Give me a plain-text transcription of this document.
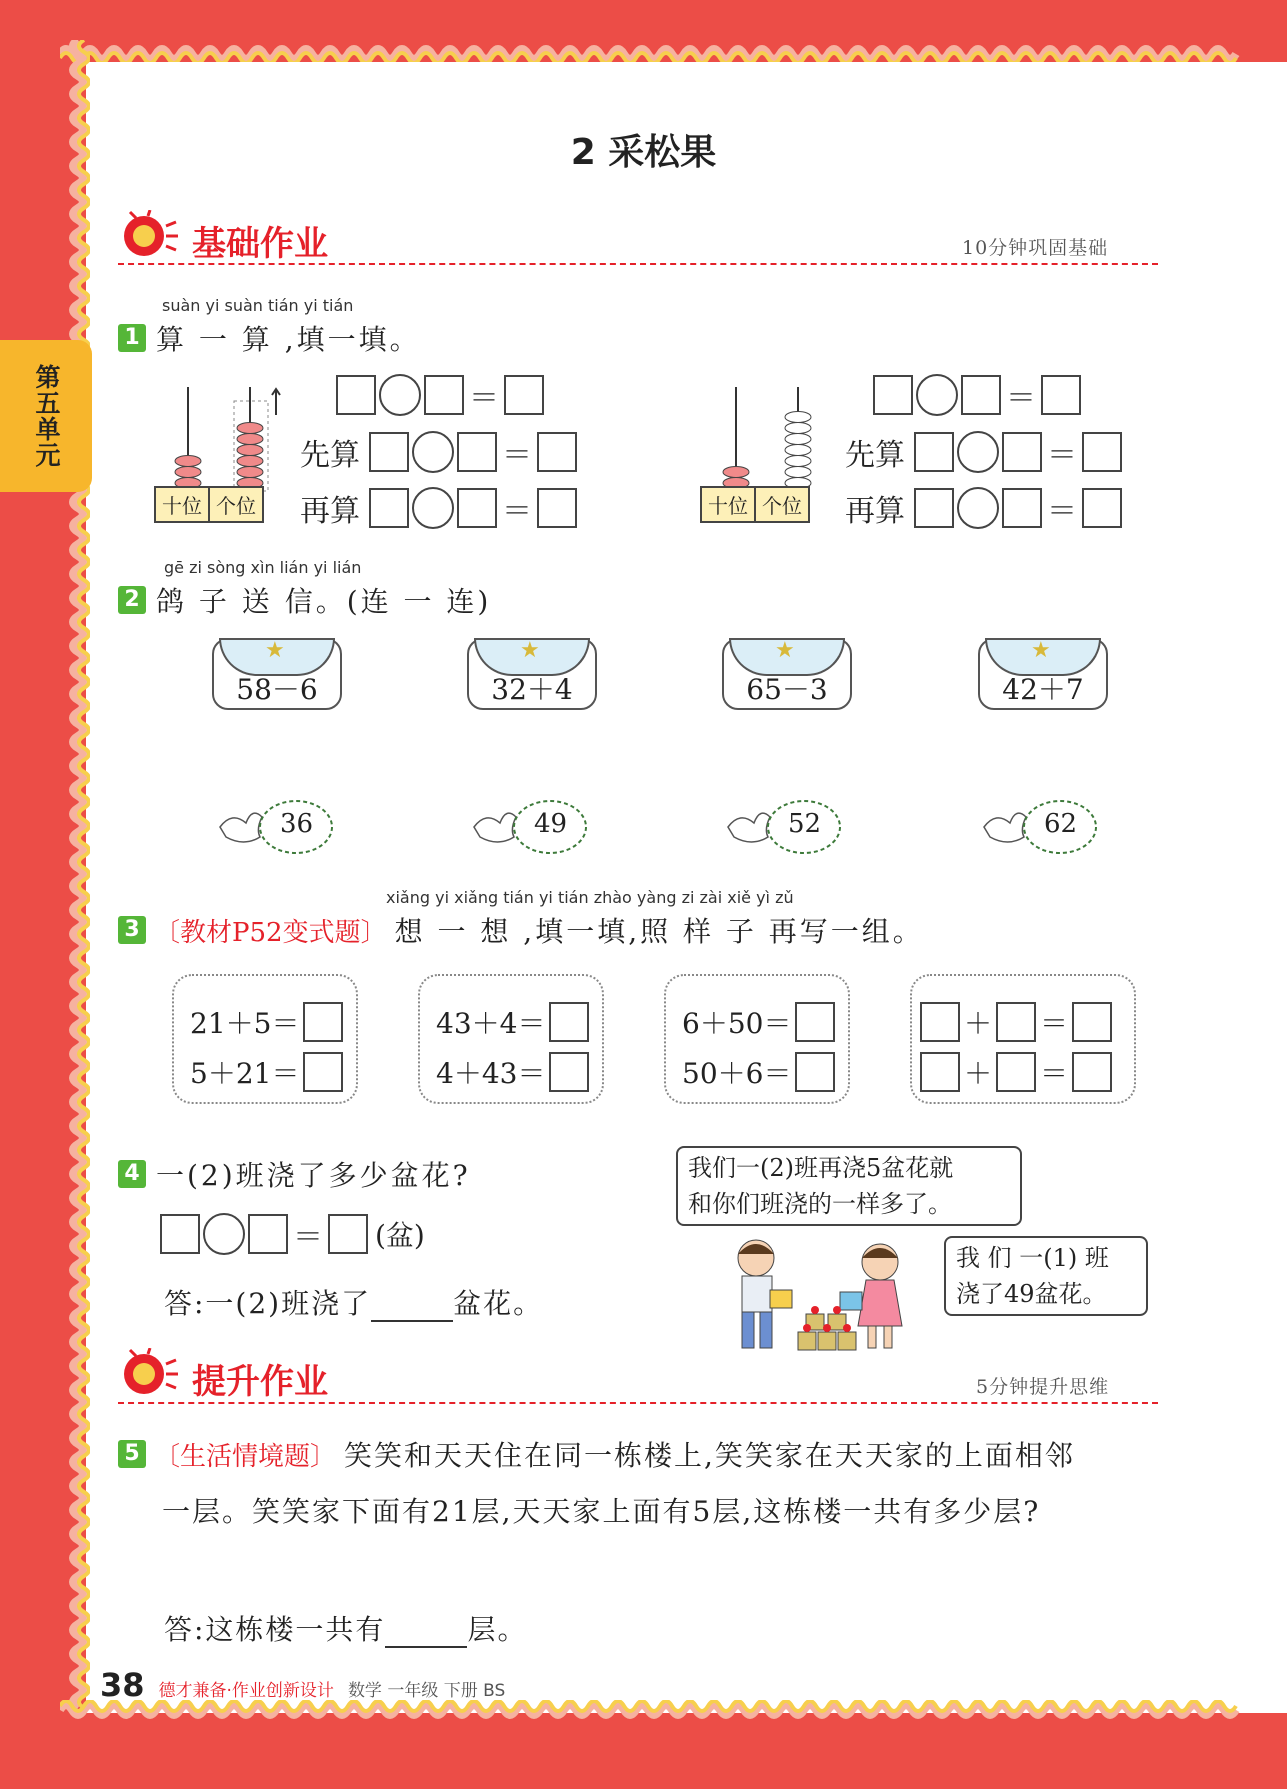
第五单元
2 采松果
基础作业	10分钟巩固基础
suàn yi suàn tián yi tián
1 算 一 算 ,填一填。
十位 个位
＝
先算	＝
再算	＝	十位 个位
＝
先算	＝
再算	＝
gē zi sòng xìn lián yi lián
2 鸽 子 送 信。(连 一 连)
★
58－6
★
32＋4
★
65－3
★
42＋7
36	49	52	62
xiǎng yi xiǎng tián yi tián zhào yàng zi zài xiě yì zǔ
3 〔教材P52变式题〕 想 一 想 ,填一填,照 样 子 再写一组。
21＋5＝
5＋21＝
43＋4＝
4＋43＝
6＋50＝
50＋6＝
＋ ＝
＋ ＝
4 一(2)班浇了多少盆花?
＝ (盆)
答:一(2)班浇了	盆花。
我们一(2)班再浇5盆花就
和你们班浇的一样多了。
我 们 一(1) 班
浇了49盆花。
提升作业	5分钟提升思维
5 〔生活情境题〕 笑笑和天天住在同一栋楼上,笑笑家在天天家的上面相邻
一层。笑笑家下面有21层,天天家上面有5层,这栋楼一共有多少层?
答:这栋楼一共有	层。
38 德才兼备·作业创新设计 数学 一年级 下册 BS
